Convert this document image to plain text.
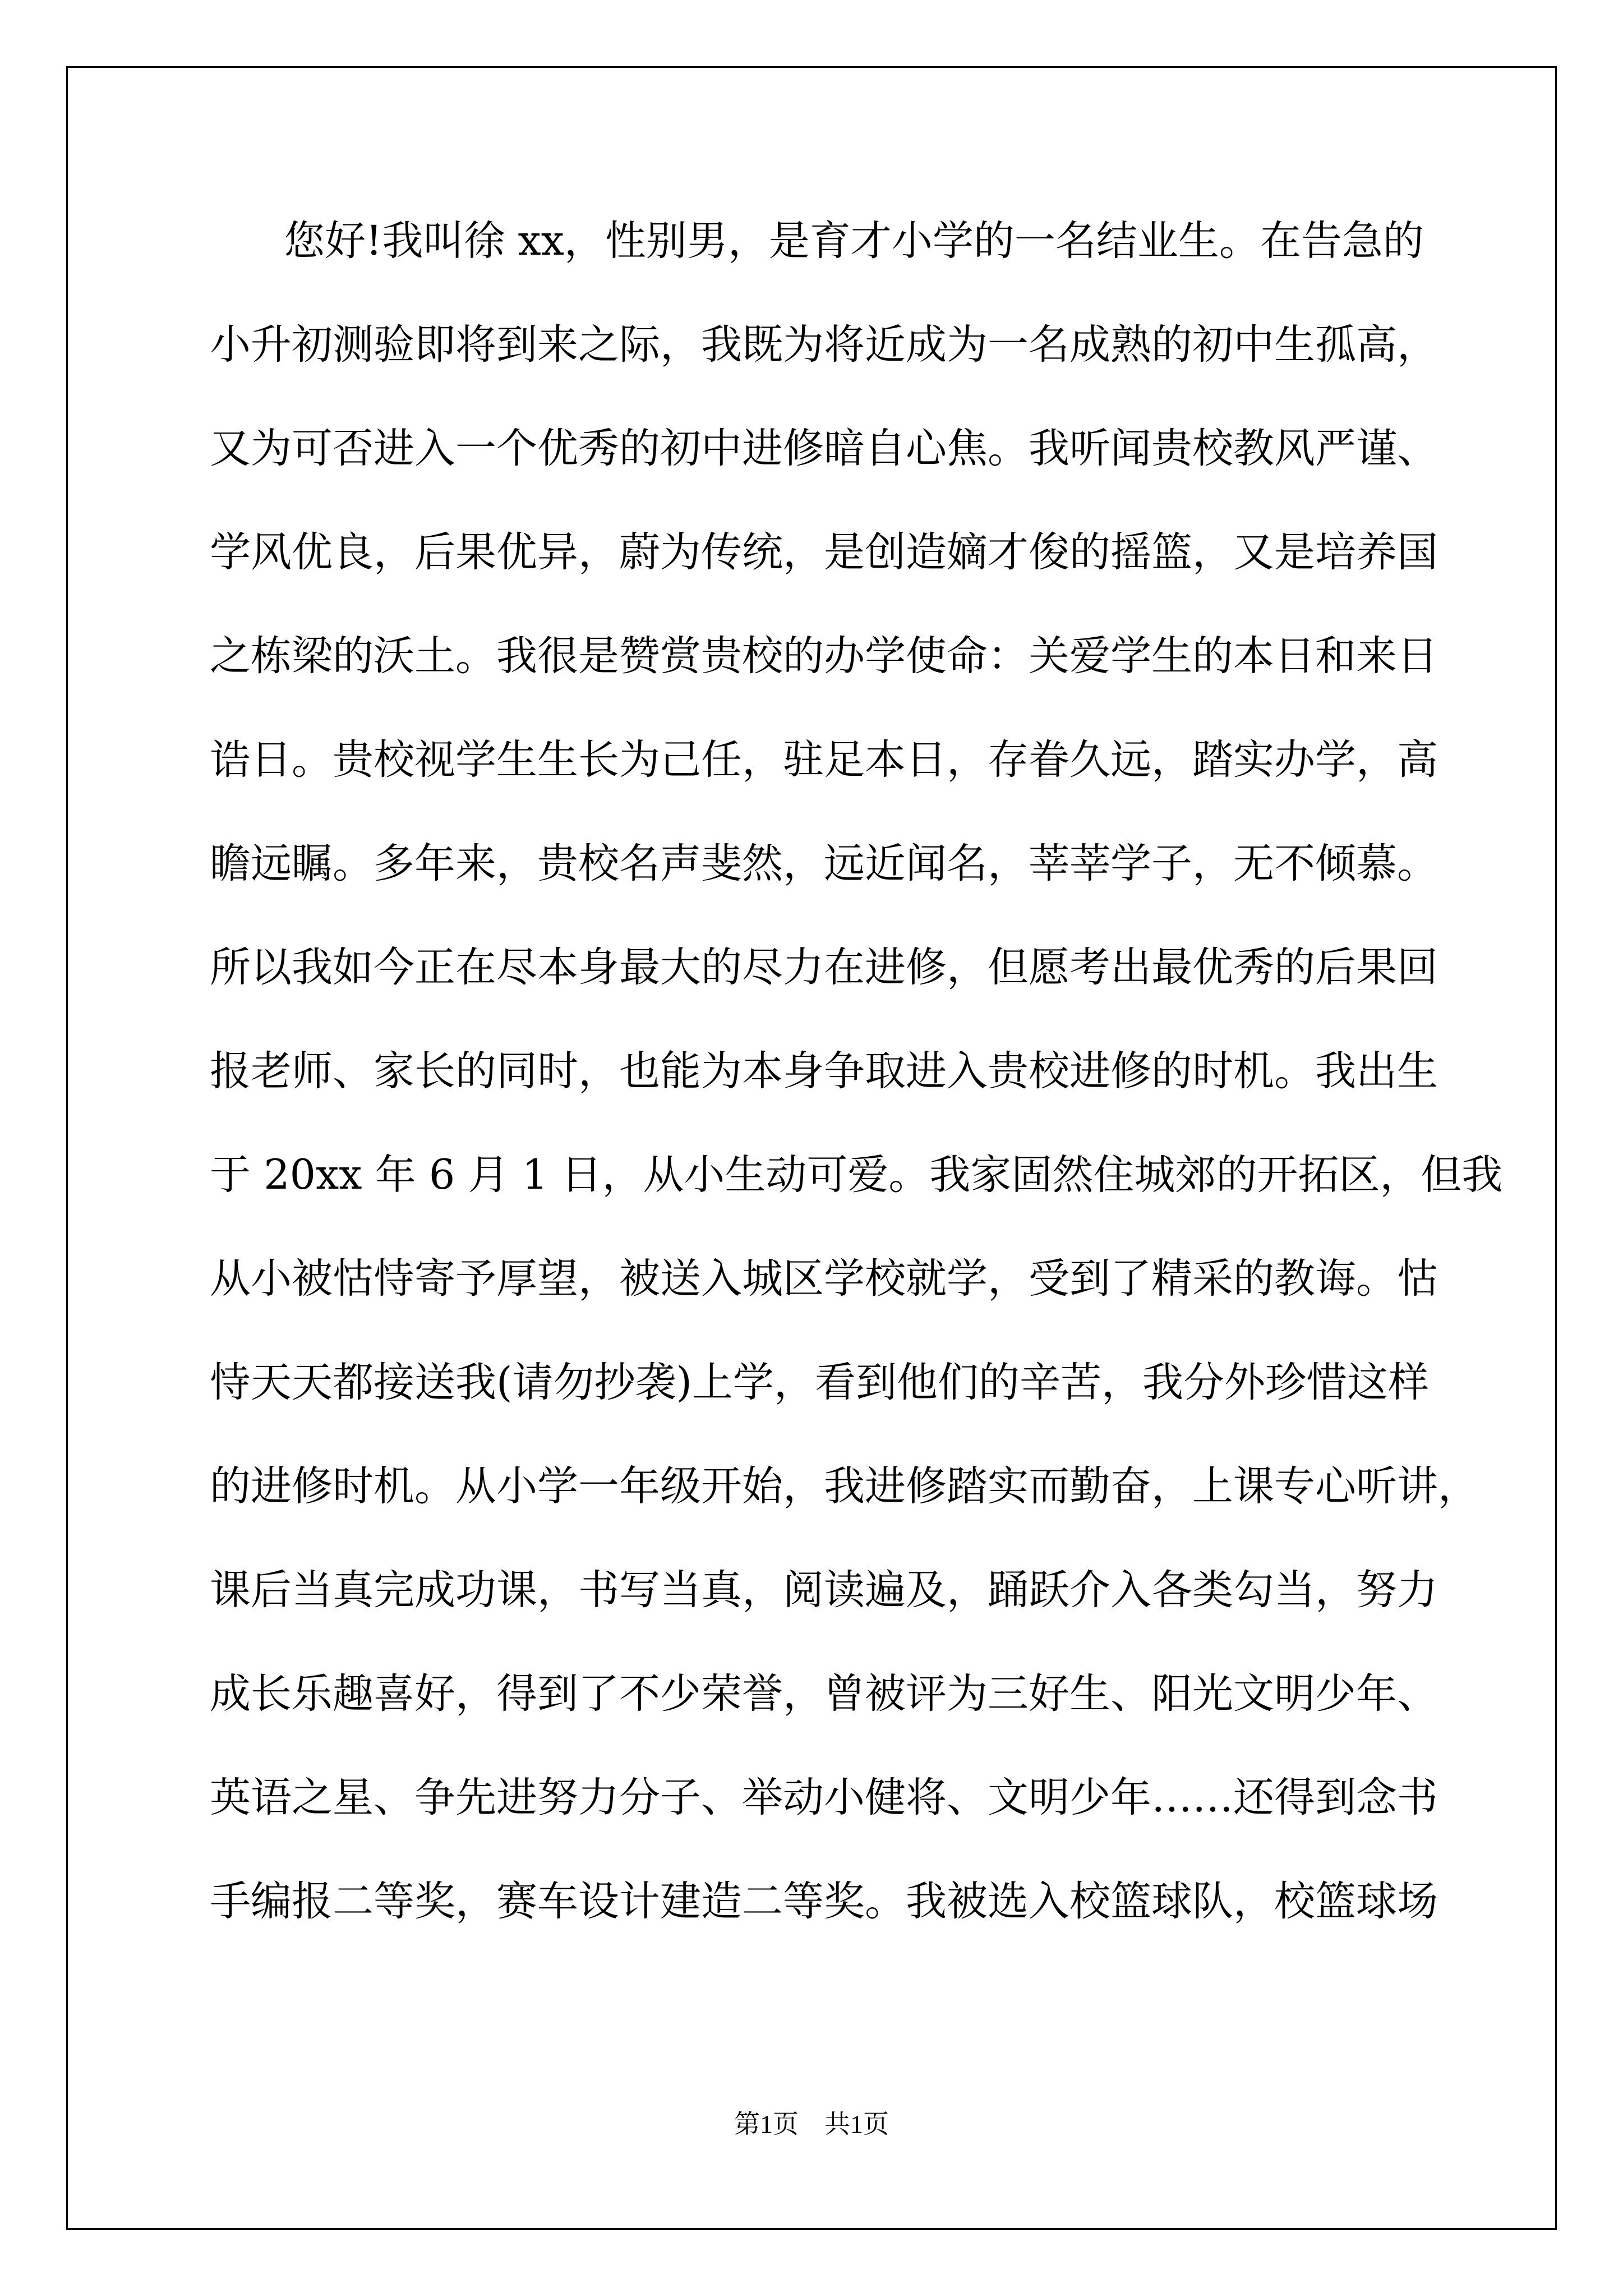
您好!我叫徐 xx，性别男，是育才小学的一名结业生。在告急的
小升初测验即将到来之际，我既为将近成为一名成熟的初中生孤高，
又为可否进入一个优秀的初中进修暗自心焦。我听闻贵校教风严谨、
学风优良，后果优异，蔚为传统，是创造嫡才俊的摇篮，又是培养国
之栋梁的沃土。我很是赞赏贵校的办学使命：关爱学生的本日和来日
诰日。贵校视学生生长为己任，驻足本日，存眷久远，踏实办学，高
瞻远瞩。多年来，贵校名声斐然，远近闻名，莘莘学子，无不倾慕。
所以我如今正在尽本身最大的尽力在进修，但愿考出最优秀的后果回
报老师、家长的同时，也能为本身争取进入贵校进修的时机。我出生
于 20xx 年 6 月 1 日，从小生动可爱。我家固然住城郊的开拓区，但我
从小被怙恃寄予厚望，被送入城区学校就学，受到了精采的教诲。怙
恃天天都接送我(请勿抄袭)上学，看到他们的辛苦，我分外珍惜这样
的进修时机。从小学一年级开始，我进修踏实而勤奋，上课专心听讲，
课后当真完成功课，书写当真，阅读遍及，踊跃介入各类勾当，努力
成长乐趣喜好，得到了不少荣誉，曾被评为三好生、阳光文明少年、
英语之星、争先进努力分子、举动小健将、文明少年……还得到念书
手编报二等奖，赛车设计建造二等奖。我被选入校篮球队，校篮球场
第1页　共1页
